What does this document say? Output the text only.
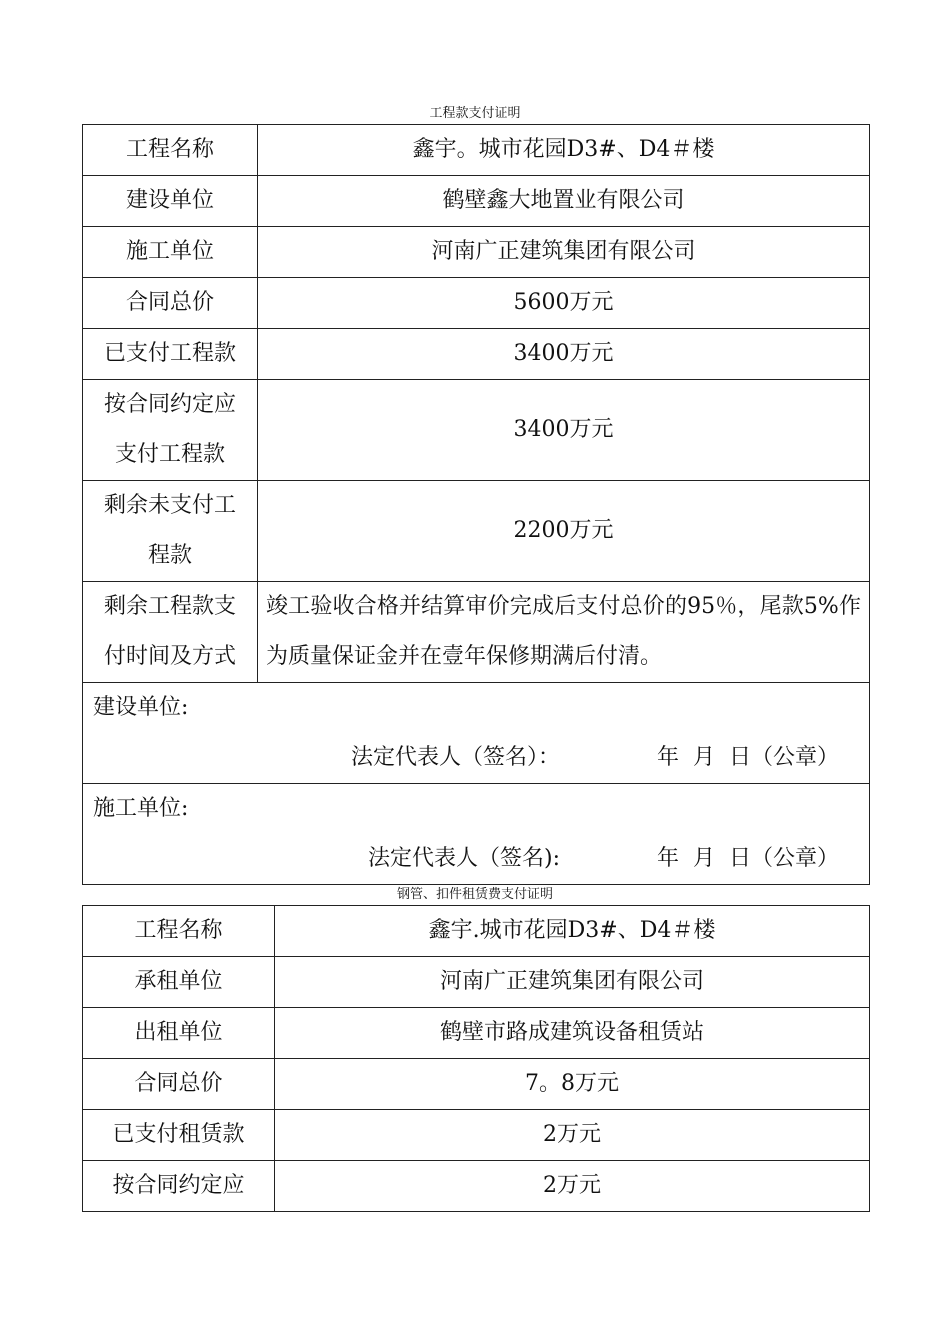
工程款支付证明
工程名称	鑫宇。城市花园D3#、D4＃楼
建设单位	鹤壁鑫大地置业有限公司
施工单位	河南广正建筑集团有限公司
合同总价	5600万元
已支付工程款	3400万元

按合同约定应
支付工程款	3400万元

剩余未支付工
程款	2200万元

剩余工程款支
付时间及方式	竣工验收合格并结算审价完成后支付总价的95％，尾款5%作为质量保证金并在壹年保修期满后付清。

建设单位:
法定代表人（签名）： 年  月  日（公章）	

施工单位:
法定代表人（签名): 年  月  日（公章）	
钢管、扣件租赁费支付证明
工程名称	鑫宇.城市花园D3#、D4＃楼
承租单位	河南广正建筑集团有限公司
出租单位	鹤壁市路成建筑设备租赁站
合同总价	7。8万元
已支付租赁款	2万元
按合同约定应	2万元
